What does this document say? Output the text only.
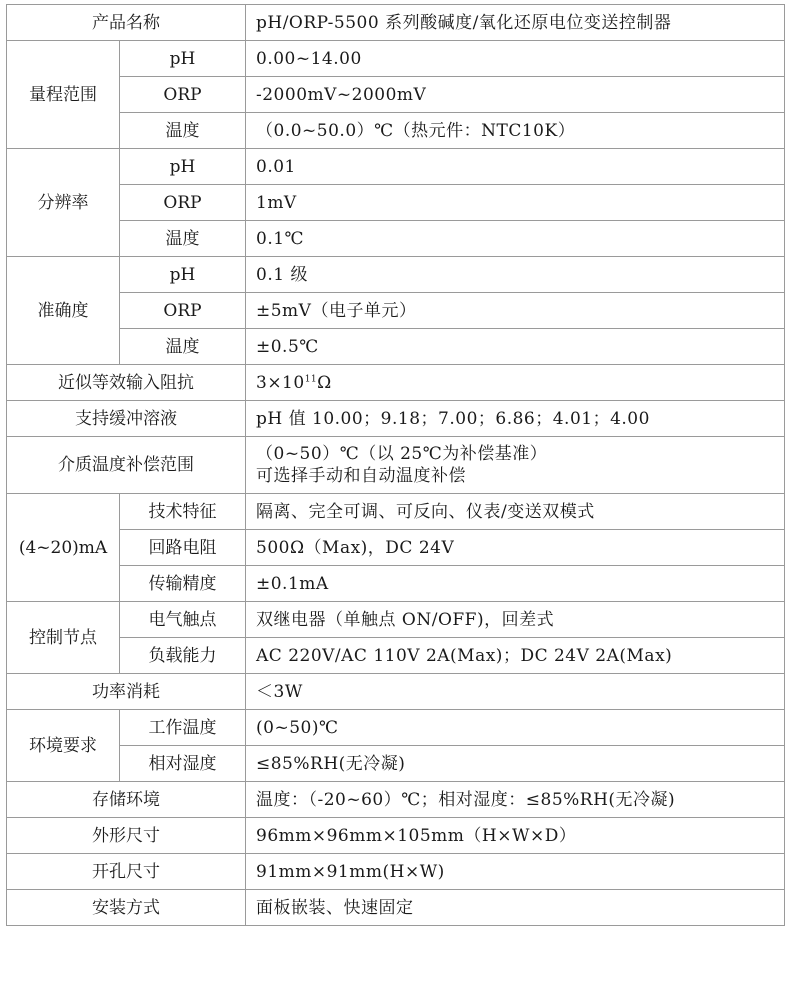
产品名称		pH/ORP-5500 系列酸碱度/氧化还原电位变送控制器
量程范围	pH	0.00~14.00
	ORP	-2000mV~2000mV
	温度	（0.0~50.0）℃（热元件：NTC10K）
分辨率	pH	0.01
	ORP	1mV
	温度	0.1℃
准确度	pH	0.1 级
	ORP	±5mV（电子单元）
	温度	±0.5℃
近似等效输入阻抗		$3\times 10^{11}\Omega$
支持缓冲溶液		pH 值 10.00；9.18；7.00；6.86；4.01；4.00
介质温度补偿范围		（0~50）℃（以 25℃为补偿基准）
可选择手动和自动温度补偿

(4~20)mA	技术特征	隔离、完全可调、可反向、仪表/变送双模式
	回路电阻	500Ω（Max)，DC 24V
	传输精度	±0.1mA
控制节点	电气触点	双继电器（单触点 ON/OFF)，回差式
	负载能力	AC 220V/AC 110V 2A(Max)；DC 24V 2A(Max)
功率消耗		＜3W
环境要求	工作温度	(0~50)℃
	相对湿度	≤85%RH(无冷凝)
存储环境		温度：（-20~60）℃；相对湿度：≤85%RH(无冷凝)
外形尺寸		96mm×96mm×105mm（H×W×D）
开孔尺寸		91mm×91mm(H×W)
安装方式		面板嵌装、快速固定
